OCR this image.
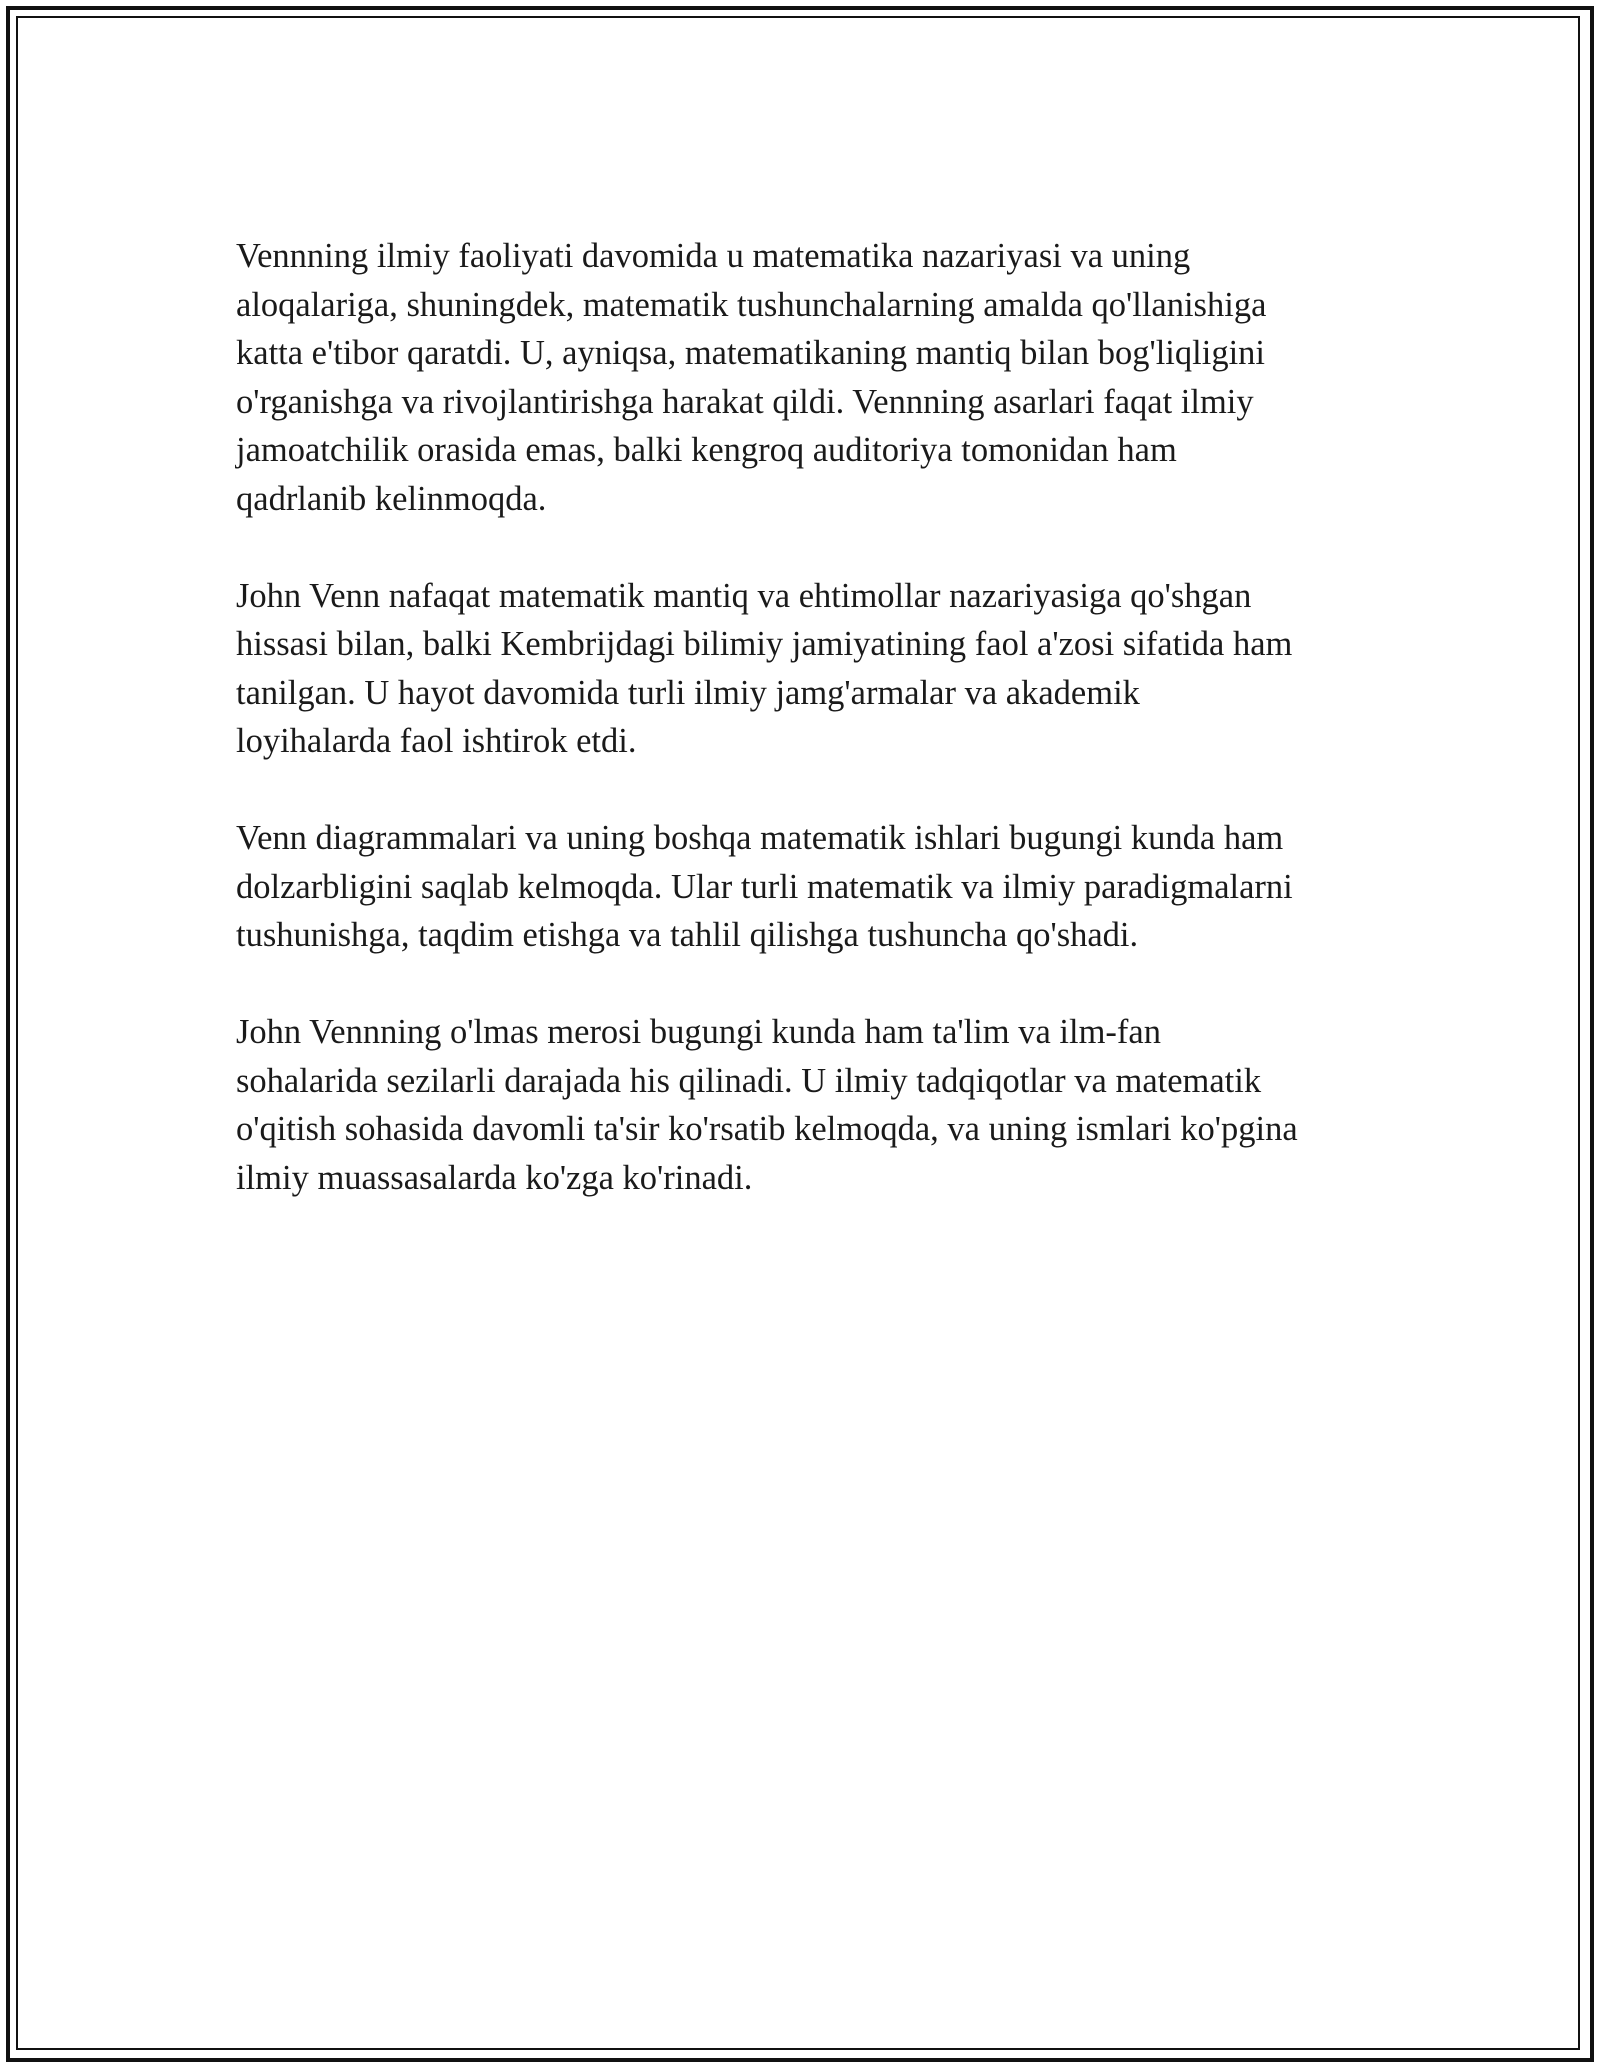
Vennning ilmiy faoliyati davomida u matematika nazariyasi va uning
aloqalariga, shuningdek, matematik tushunchalarning amalda qo'llanishiga
katta e'tibor qaratdi. U, ayniqsa, matematikaning mantiq bilan bog'liqligini
o'rganishga va rivojlantirishga harakat qildi. Vennning asarlari faqat ilmiy
jamoatchilik orasida emas, balki kengroq auditoriya tomonidan ham
qadrlanib kelinmoqda.

John Venn nafaqat matematik mantiq va ehtimollar nazariyasiga qo'shgan
hissasi bilan, balki Kembrijdagi bilimiy jamiyatining faol a'zosi sifatida ham
tanilgan. U hayot davomida turli ilmiy jamg'armalar va akademik
loyihalarda faol ishtirok etdi.

Venn diagrammalari va uning boshqa matematik ishlari bugungi kunda ham
dolzarbligini saqlab kelmoqda. Ular turli matematik va ilmiy paradigmalarni
tushunishga, taqdim etishga va tahlil qilishga tushuncha qo'shadi.

John Vennning o'lmas merosi bugungi kunda ham ta'lim va ilm-fan
sohalarida sezilarli darajada his qilinadi. U ilmiy tadqiqotlar va matematik
o'qitish sohasida davomli ta'sir ko'rsatib kelmoqda, va uning ismlari ko'pgina
ilmiy muassasalarda ko'zga ko'rinadi.
